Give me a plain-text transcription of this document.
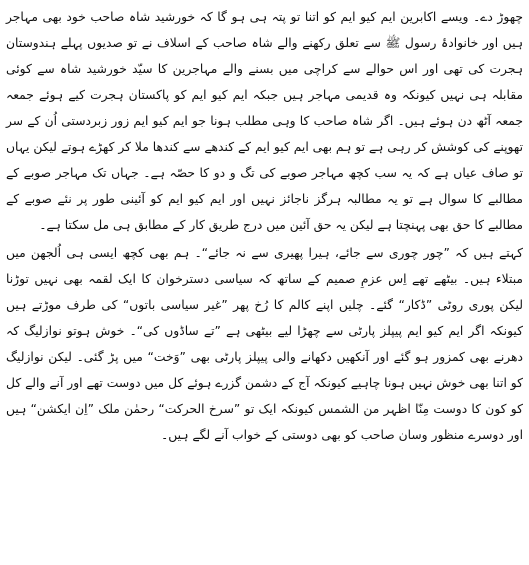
چھوڑ دے۔ ویسے اکابرین ایم کیو ایم کو اتنا تو پتہ ہی ہو گا کہ خورشید شاہ صاحب خود بھی مہاجر ہیں اور خانوادۂ رسول ﷺ سے تعلق رکھنے والے شاہ صاحب کے اسلاف نے تو صدیوں پہلے ہندوستان ہجرت کی تھی اور اس حوالے سے کراچی میں بسنے والے مہاجرین کا سیّد خورشید شاہ سے کوئی مقابلہ ہی نہیں کیونکہ وہ قدیمی مہاجر ہیں جبکہ ایم کیو ایم کو پاکستان ہجرت کیے ہوئے جمعہ جمعہ آٹھ دن ہوئے ہیں۔ اگر شاہ صاحب کا وہی مطلب ہونا جو ایم کیو ایم زور زبردستی اُن کے سر تھوپنے کی کوشش کر رہی ہے تو ہم بھی ایم کیو ایم کے کندھے سے کندھا ملا کر کھڑے ہوتے لیکن یہاں تو صاف عیاں ہے کہ یہ سب کچھ مہاجر صوبے کی تگ و دو کا حصّہ ہے۔ جہاں تک مہاجر صوبے کے مطالبے کا سوال ہے تو یہ مطالبہ ہرگز ناجائز نہیں اور ایم کیو ایم کو آئینی طور پر نئے صوبے کے مطالبے کا حق بھی پہنچتا ہے لیکن یہ حق آئین میں درج طریق کار کے مطابق ہی مل سکتا ہے۔

کہتے ہیں کہ ”چور چوری سے جائے، ہیرا پھیری سے نہ جائے“۔ ہم بھی کچھ ایسی ہی اُلجھن میں مبتلاء ہیں۔ بیٹھے تھے اِس عزمِ صمیم کے ساتھ کہ سیاسی دسترخوان کا ایک لقمہ بھی نہیں توڑنا لیکن پوری روٹی ”ڈکار“ گئے۔ چلیں اپنے کالم کا رُخ پھر ”غیر سیاسی باتوں“ کی طرف موڑتے ہیں کیونکہ اگر ایم کیو ایم پیپلز پارٹی سے چھڑا لیے بیٹھی ہے ”تے ساڈوں کی“۔ خوش ہوتو نوازلیگ کہ دھرنے بھی کمزور ہو گئے اور آنکھیں دکھانے والی پیپلز پارٹی بھی ”وَخت“ میں پڑ گئی۔ لیکن نوازلیگ کو اتنا بھی خوش نہیں ہونا چاہیے کیونکہ آج کے دشمن گزرے ہوئے کل میں دوست تھے اور آنے والے کل کو کون کا دوست مِنّا اظہر من الشمس کیونکہ ایک تو ”سرخ الحرکت“ رحمٰن ملک ”اِن ایکشن“ ہیں اور دوسرے منظور وسان صاحب کو بھی دوستی کے خواب آنے لگے ہیں۔
